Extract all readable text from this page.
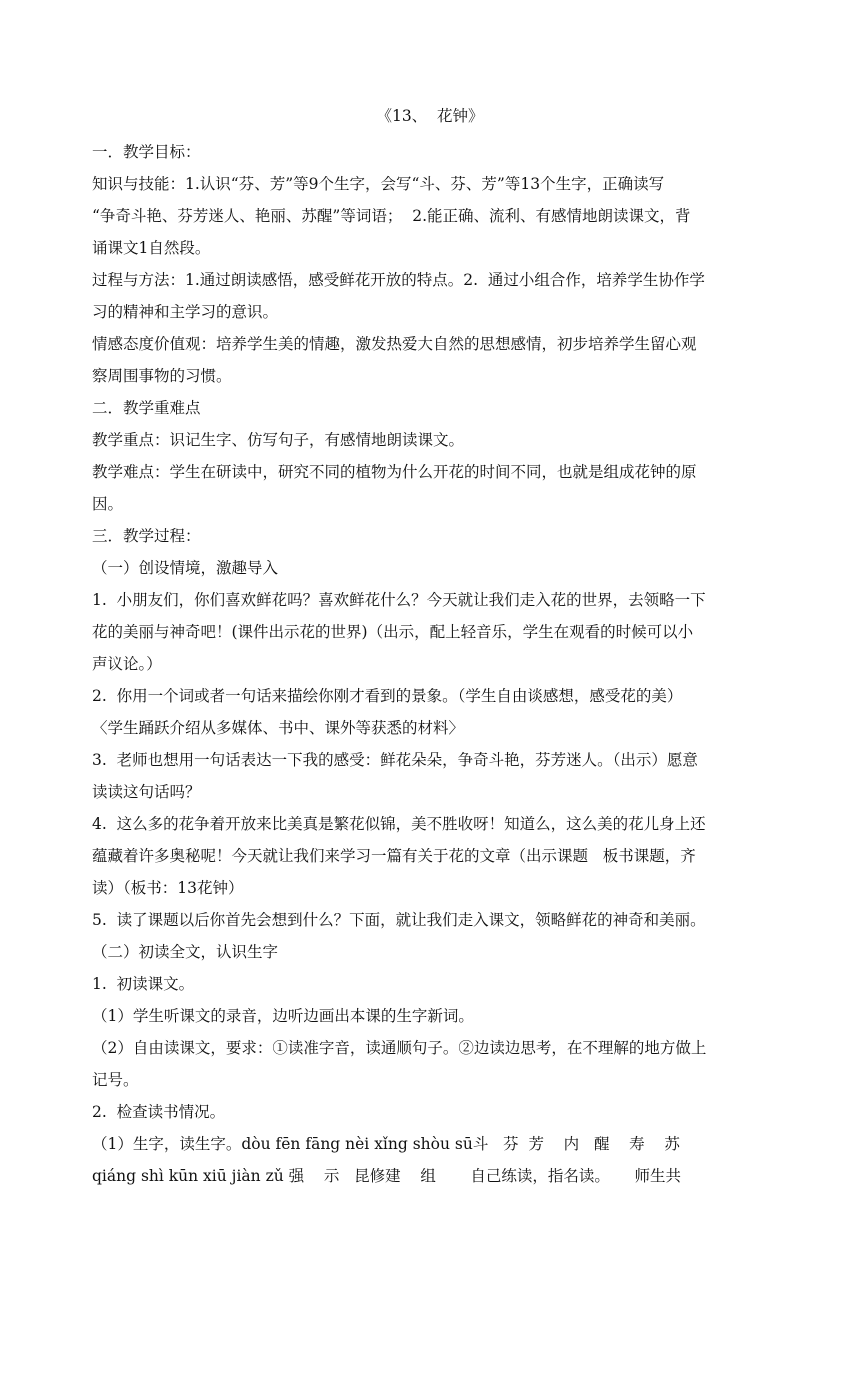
《13、  花钟》

一．教学目标：

知识与技能：1.认识“芬、芳”等9个生字，会写“斗、芬、芳”等13个生字，正确读写

“争奇斗艳、芬芳迷人、艳丽、苏醒”等词语；  2.能正确、流利、有感情地朗读课文，背

诵课文1自然段。

过程与方法：1.通过朗读感悟，感受鲜花开放的特点。2.  通过小组合作，培养学生协作学

习的精神和主学习的意识。

情感态度价值观：培养学生美的情趣，激发热爱大自然的思想感情，初步培养学生留心观

察周围事物的习惯。

二．教学重难点

教学重点：识记生字、仿写句子，有感情地朗读课文。

教学难点：学生在研读中，研究不同的植物为什么开花的时间不同，也就是组成花钟的原

因。

三．教学过程：

（一）创设情境，激趣导入

1.  小朋友们，你们喜欢鲜花吗？喜欢鲜花什么？今天就让我们走入花的世界，去领略一下

花的美丽与神奇吧！(课件出示花的世界)（出示，配上轻音乐，学生在观看的时候可以小

声议论。）

2.  你用一个词或者一句话来描绘你刚才看到的景象。（学生自由谈感想，感受花的美）

〈学生踊跃介绍从多媒体、书中、课外等获悉的材料〉

3.  老师也想用一句话表达一下我的感受：鲜花朵朵，争奇斗艳，芬芳迷人。（出示）愿意

读读这句话吗？

4.  这么多的花争着开放来比美真是繁花似锦，美不胜收呀！知道么，这么美的花儿身上还

蕴藏着许多奥秘呢！今天就让我们来学习一篇有关于花的文章（出示课题   板书课题，齐

读）（板书：13花钟）

5.  读了课题以后你首先会想到什么？下面，就让我们走入课文，领略鲜花的神奇和美丽。

（二）初读全文，认识生字

1.  初读课文。

（1）学生听课文的录音，边听边画出本课的生字新词。

（2）自由读课文，要求：①读准字音，读通顺句子。②边读边思考，在不理解的地方做上

记号。

2.  检查读书情况。

（1）生字，读生字。dòu fēn fāng nèi xǐng shòu sū斗   芬  芳    内   醒    寿    苏

qiáng shì kūn xiū jiàn zǔ 强    示   昆修建    组       自己练读，指名读。     师生共
